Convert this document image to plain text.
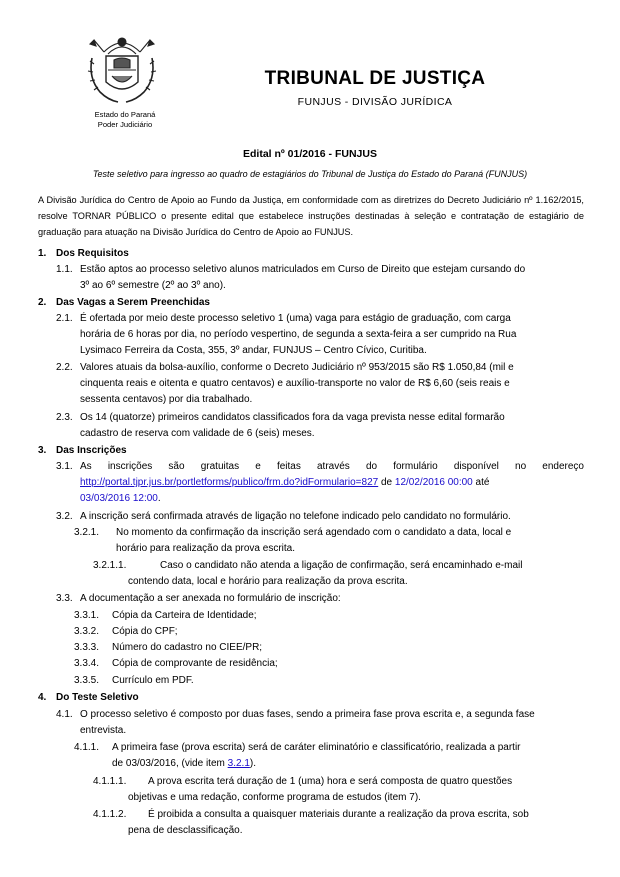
Estado do Paraná
Poder Judiciário
TRIBUNAL DE JUSTIÇA
FUNJUS - DIVISÃO JURÍDICA
Edital nº 01/2016 - FUNJUS
Teste seletivo para ingresso ao quadro de estagiários do Tribunal de Justiça do Estado do Paraná (FUNJUS)
A Divisão Jurídica do Centro de Apoio ao Fundo da Justiça, em conformidade com as diretrizes do Decreto Judiciário nº 1.162/2015, resolve TORNAR PÚBLICO o presente edital que estabelece instruções destinadas à seleção e contratação de estagiário de graduação para atuação na Divisão Jurídica do Centro de Apoio ao FUNJUS.
1. Dos Requisitos
1.1. Estão aptos ao processo seletivo alunos matriculados em Curso de Direito que estejam cursando do
3º ao 6º semestre (2º ao 3º ano).
2. Das Vagas a Serem Preenchidas
2.1. É ofertada por meio deste processo seletivo 1 (uma) vaga para estágio de graduação, com carga
horária de 6 horas por dia, no período vespertino, de segunda a sexta-feira a ser cumprido na Rua
Lysimaco Ferreira da Costa, 355, 3º andar, FUNJUS – Centro Cívico, Curitiba.
2.2. Valores atuais da bolsa-auxílio, conforme o Decreto Judiciário nº 953/2015 são R$ 1.050,84 (mil e
cinquenta reais e oitenta e quatro centavos) e auxílio-transporte no valor de R$ 6,60 (seis reais e
sessenta centavos) por dia trabalhado.
2.3. Os 14 (quatorze) primeiros candidatos classificados fora da vaga prevista nesse edital formarão
cadastro de reserva com validade de 6 (seis) meses.
3. Das Inscrições
3.1. As inscrições são gratuitas e feitas através do formulário disponível no endereço
http://portal.tjpr.jus.br/portletforms/publico/frm.do?idFormulario=827 de 12/02/2016 00:00 até
03/03/2016 12:00.
3.2. A inscrição será confirmada através de ligação no telefone indicado pelo candidato no formulário.
3.2.1. No momento da confirmação da inscrição será agendado com o candidato a data, local e
horário para realização da prova escrita.
3.2.1.1.	Caso o candidato não atenda a ligação de confirmação, será encaminhado e-mail
contendo data, local e horário para realização da prova escrita.
3.3. A documentação a ser anexada no formulário de inscrição:
3.3.1. Cópia da Carteira de Identidade;
3.3.2. Cópia do CPF;
3.3.3. Número do cadastro no CIEE/PR;
3.3.4. Cópia de comprovante de residência;
3.3.5. Currículo em PDF.
4. Do Teste Seletivo
4.1. O processo seletivo é composto por duas fases, sendo a primeira fase prova escrita e, a segunda fase
entrevista.
4.1.1. A primeira fase (prova escrita) será de caráter eliminatório e classificatório, realizada a partir
de 03/03/2016, (vide item 3.2.1).
4.1.1.1. A prova escrita terá duração de 1 (uma) hora e será composta de quatro questões
objetivas e uma redação, conforme programa de estudos (item 7).
4.1.1.2. É proibida a consulta a quaisquer materiais durante a realização da prova escrita, sob
pena de desclassificação.
